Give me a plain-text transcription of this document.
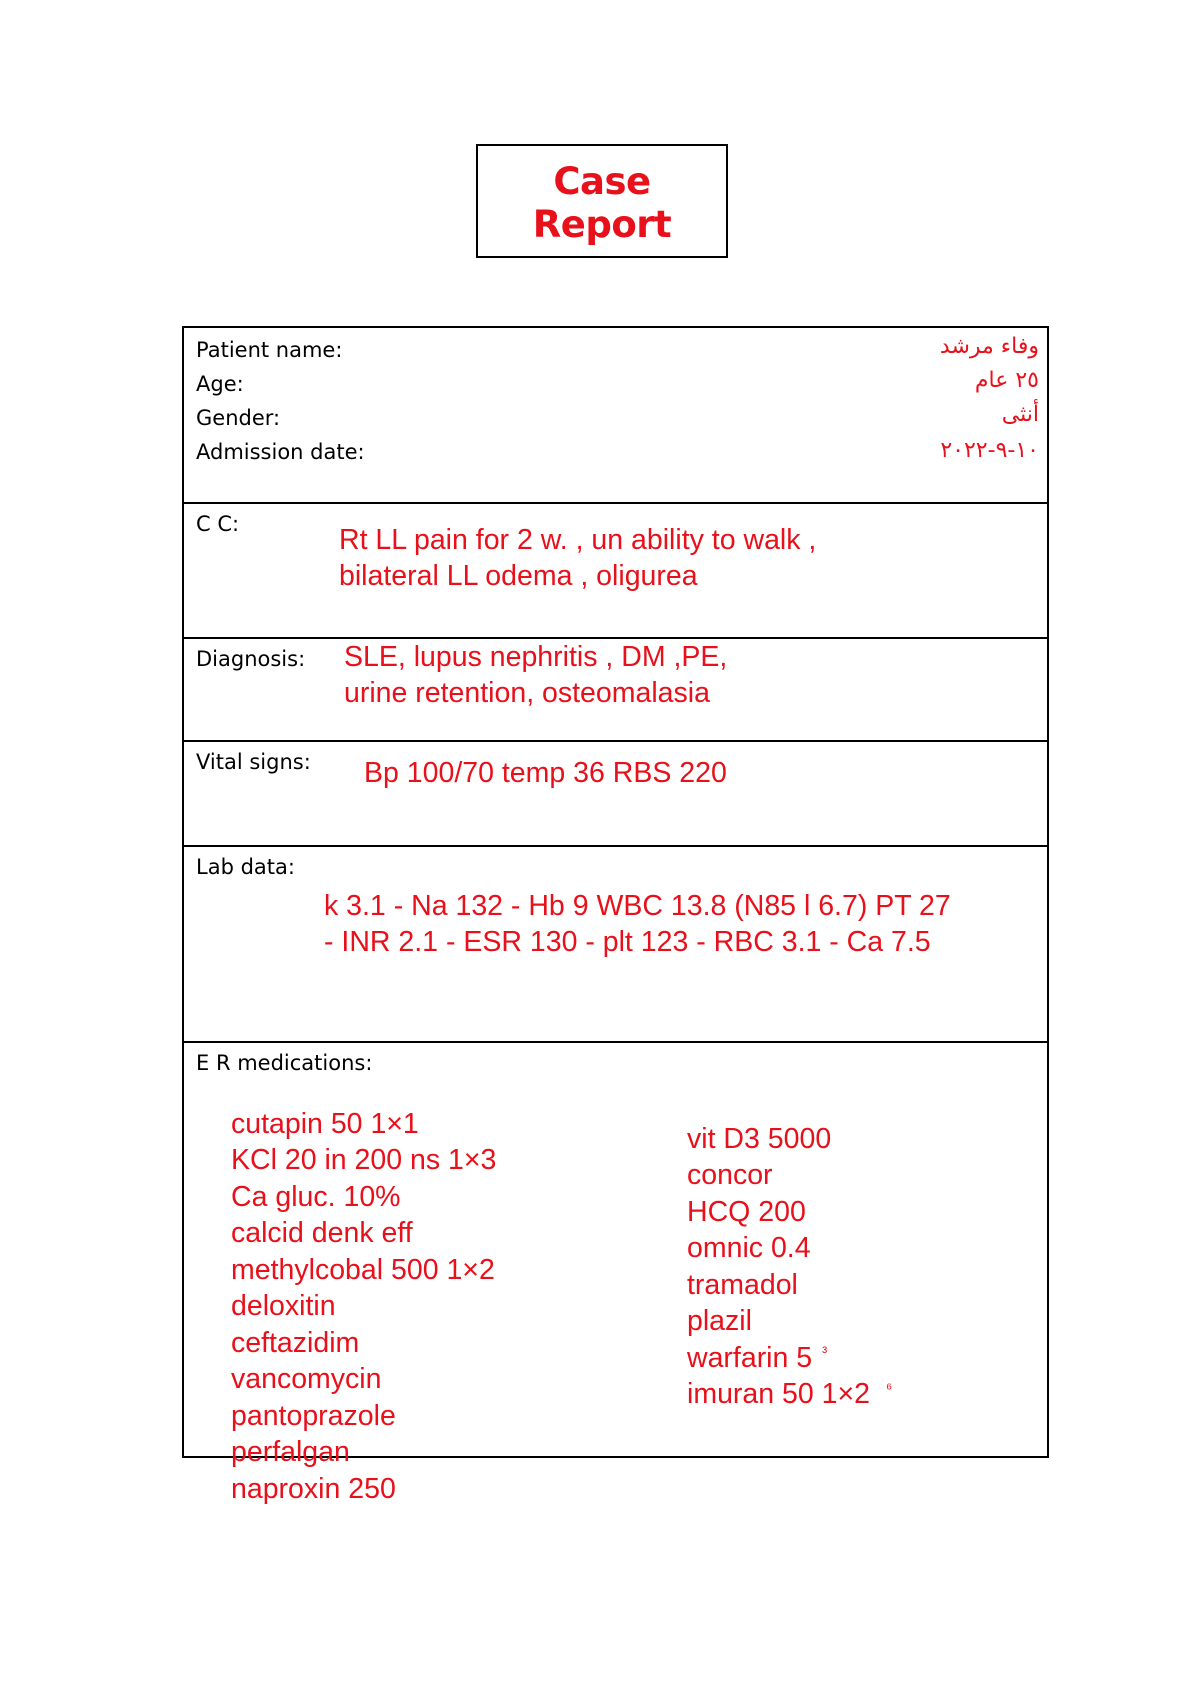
Case Report
Patient name:
Age:
Gender:
Admission date:
وفاء مرشد
٢٥ عام
أنثى
١٠-٩-٢٠٢٢
C C:	Rt LL pain for 2 w. , un ability to walk ,
bilateral LL odema , oligurea
Diagnosis: SLE, lupus nephritis , DM ,PE,
urine retention, osteomalasia
Vital signs: Bp 100/70 temp 36 RBS 220
Lab data:
k 3.1 - Na 132 - Hb 9 WBC 13.8 (N85 l 6.7) PT 27
- INR 2.1 - ESR 130 - plt 123 - RBC 3.1 - Ca 7.5
E R medications:
cutapin 50 1×1
KCl 20 in 200 ns 1×3
Ca gluc. 10%
calcid denk eff
methylcobal 500 1×2
deloxitin
ceftazidim
vancomycin
pantoprazole
perfalgan
naproxin 250
vit D3 5000
concor
HCQ 200
omnic 0.4
tramadol
plazil
warfarin 5 $^{^3}$
imuran 50 1×2 $^{^6}$
